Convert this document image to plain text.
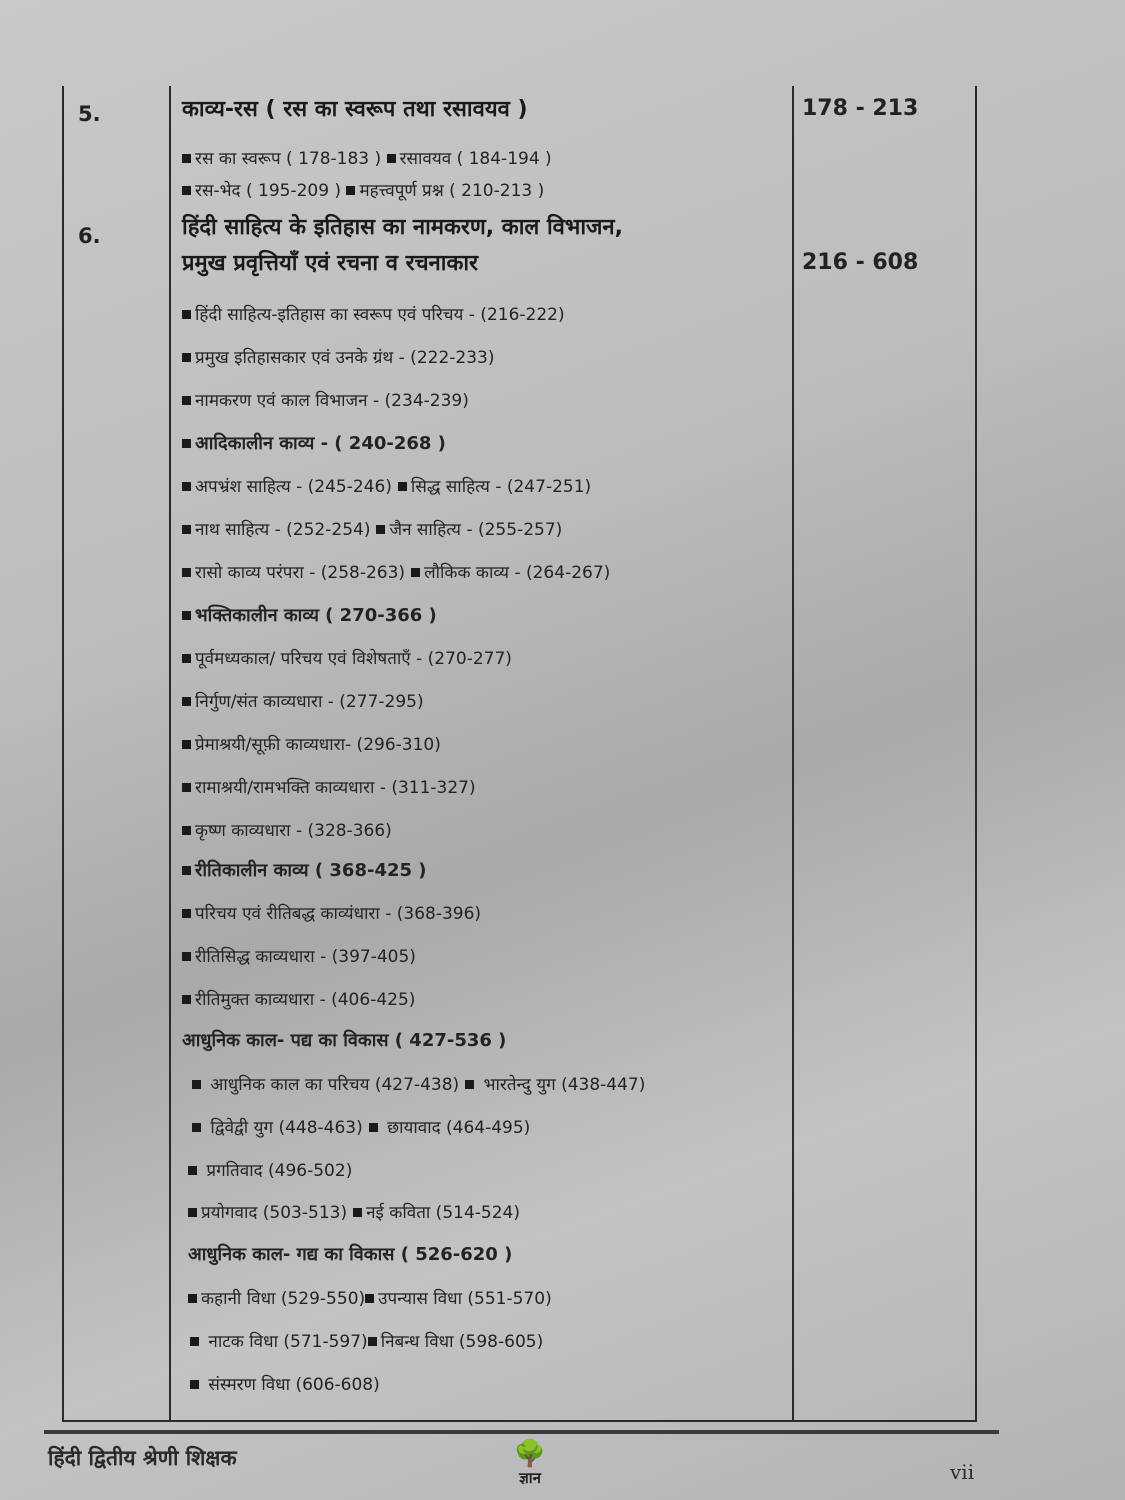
5.	काव्य-रस ( रस का स्वरूप तथा रसावयव )	178 - 213
रस का स्वरूप ( 178-183 ) रसावयव ( 184-194 )
रस-भेद ( 195-209 ) महत्त्वपूर्ण प्रश्न ( 210-213 )
6.	हिंदी साहित्य के इतिहास का नामकरण, काल विभाजन,
प्रमुख प्रवृत्तियाँ एवं रचना व रचनाकार	216 - 608
हिंदी साहित्य-इतिहास का स्वरूप एवं परिचय - (216-222)
प्रमुख इतिहासकार एवं उनके ग्रंथ - (222-233)
नामकरण एवं काल विभाजन - (234-239)
आदिकालीन काव्य - ( 240-268 )
अपभ्रंश साहित्य - (245-246) सिद्ध साहित्य - (247-251)
नाथ साहित्य - (252-254) जैन साहित्य - (255-257)
रासो काव्य परंपरा - (258-263) लौकिक काव्य - (264-267)
भक्तिकालीन काव्य ( 270-366 )
पूर्वमध्यकाल/ परिचय एवं विशेषताएँ - (270-277)
निर्गुण/संत काव्यधारा - (277-295)
प्रेमाश्रयी/सूफ़ी काव्यधारा- (296-310)
रामाश्रयी/रामभक्ति काव्यधारा - (311-327)
कृष्ण काव्यधारा - (328-366)
रीतिकालीन काव्य ( 368-425 )
परिचय एवं रीतिबद्ध काव्यंधारा - (368-396)
रीतिसिद्ध काव्यधारा - (397-405)
रीतिमुक्त काव्यधारा - (406-425)
आधुनिक काल- पद्य का विकास ( 427-536 )
आधुनिक काल का परिचय (427-438) भारतेन्दु युग (438-447)
द्विवेद्वी युग (448-463) छायावाद (464-495)
प्रगतिवाद (496-502)
प्रयोगवाद (503-513) नई कविता (514-524)
आधुनिक काल- गद्य का विकास ( 526-620 )
कहानी विधा (529-550) उपन्यास विधा (551-570)
नाटक विधा (571-597) निबन्ध विधा (598-605)
संस्मरण विधा (606-608)
हिंदी द्वितीय श्रेणी शिक्षक	🌳
ज्ञान	vii
